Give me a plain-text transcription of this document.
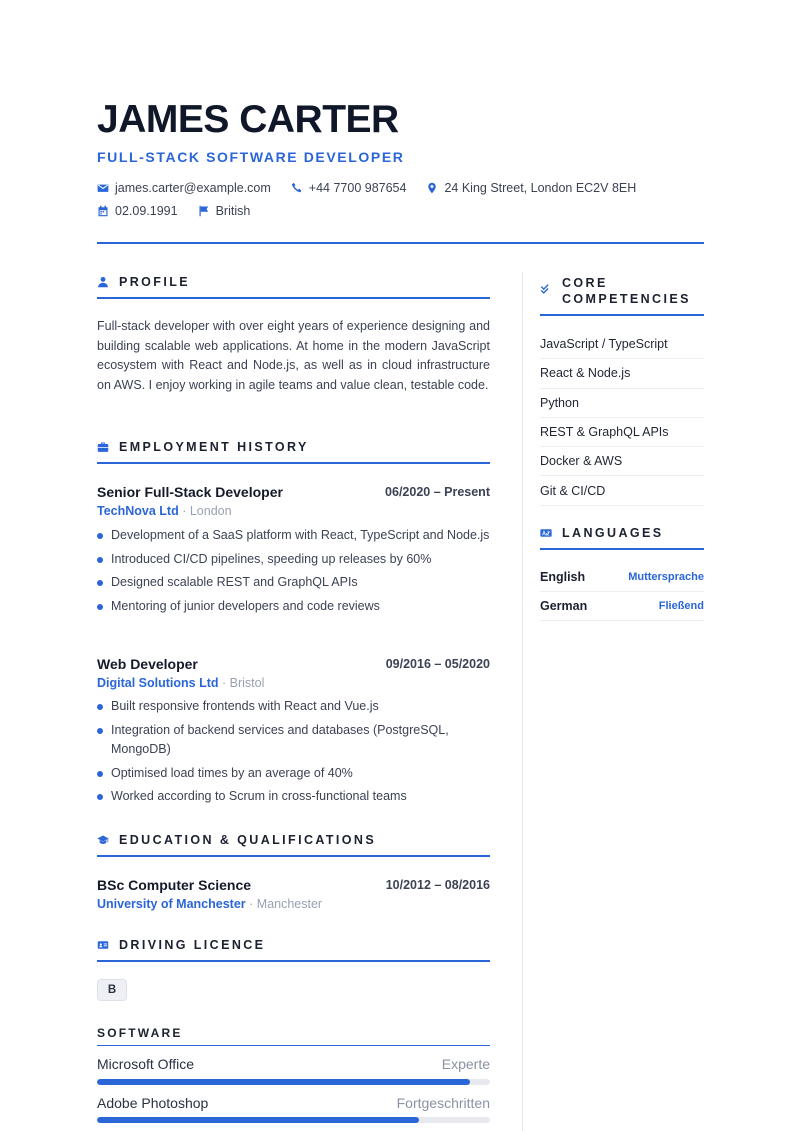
JAMES CARTER
FULL-STACK SOFTWARE DEVELOPER
james.carter@example.com	+44 7700 987654	24 King Street, London EC2V 8EH
02.09.1991	British
PROFILE
Full-stack developer with over eight years of experience designing and building scalable web applications. At home in the modern JavaScript ecosystem with React and Node.js, as well as in cloud infrastructure on AWS. I enjoy working in agile teams and value clean, testable code.
EMPLOYMENT HISTORY
Senior Full-Stack Developer	06/2020 – Present
TechNova Ltd · London
Development of a SaaS platform with React, TypeScript and Node.js
Introduced CI/CD pipelines, speeding up releases by 60%
Designed scalable REST and GraphQL APIs
Mentoring of junior developers and code reviews
Web Developer	09/2016 – 05/2020
Digital Solutions Ltd · Bristol
Built responsive frontends with React and Vue.js
Integration of backend services and databases (PostgreSQL, MongoDB)
Optimised load times by an average of 40%
Worked according to Scrum in cross-functional teams
EDUCATION & QUALIFICATIONS
BSc Computer Science	10/2012 – 08/2016
University of Manchester · Manchester
DRIVING LICENCE
B
SOFTWARE
Microsoft Office	Experte
Adobe Photoshop	Fortgeschritten
CORE
COMPETENCIES
JavaScript / TypeScript
React & Node.js
Python
REST & GraphQL APIs
Docker & AWS
Git & CI/CD
LANGUAGES
English	Muttersprache
German	Fließend
